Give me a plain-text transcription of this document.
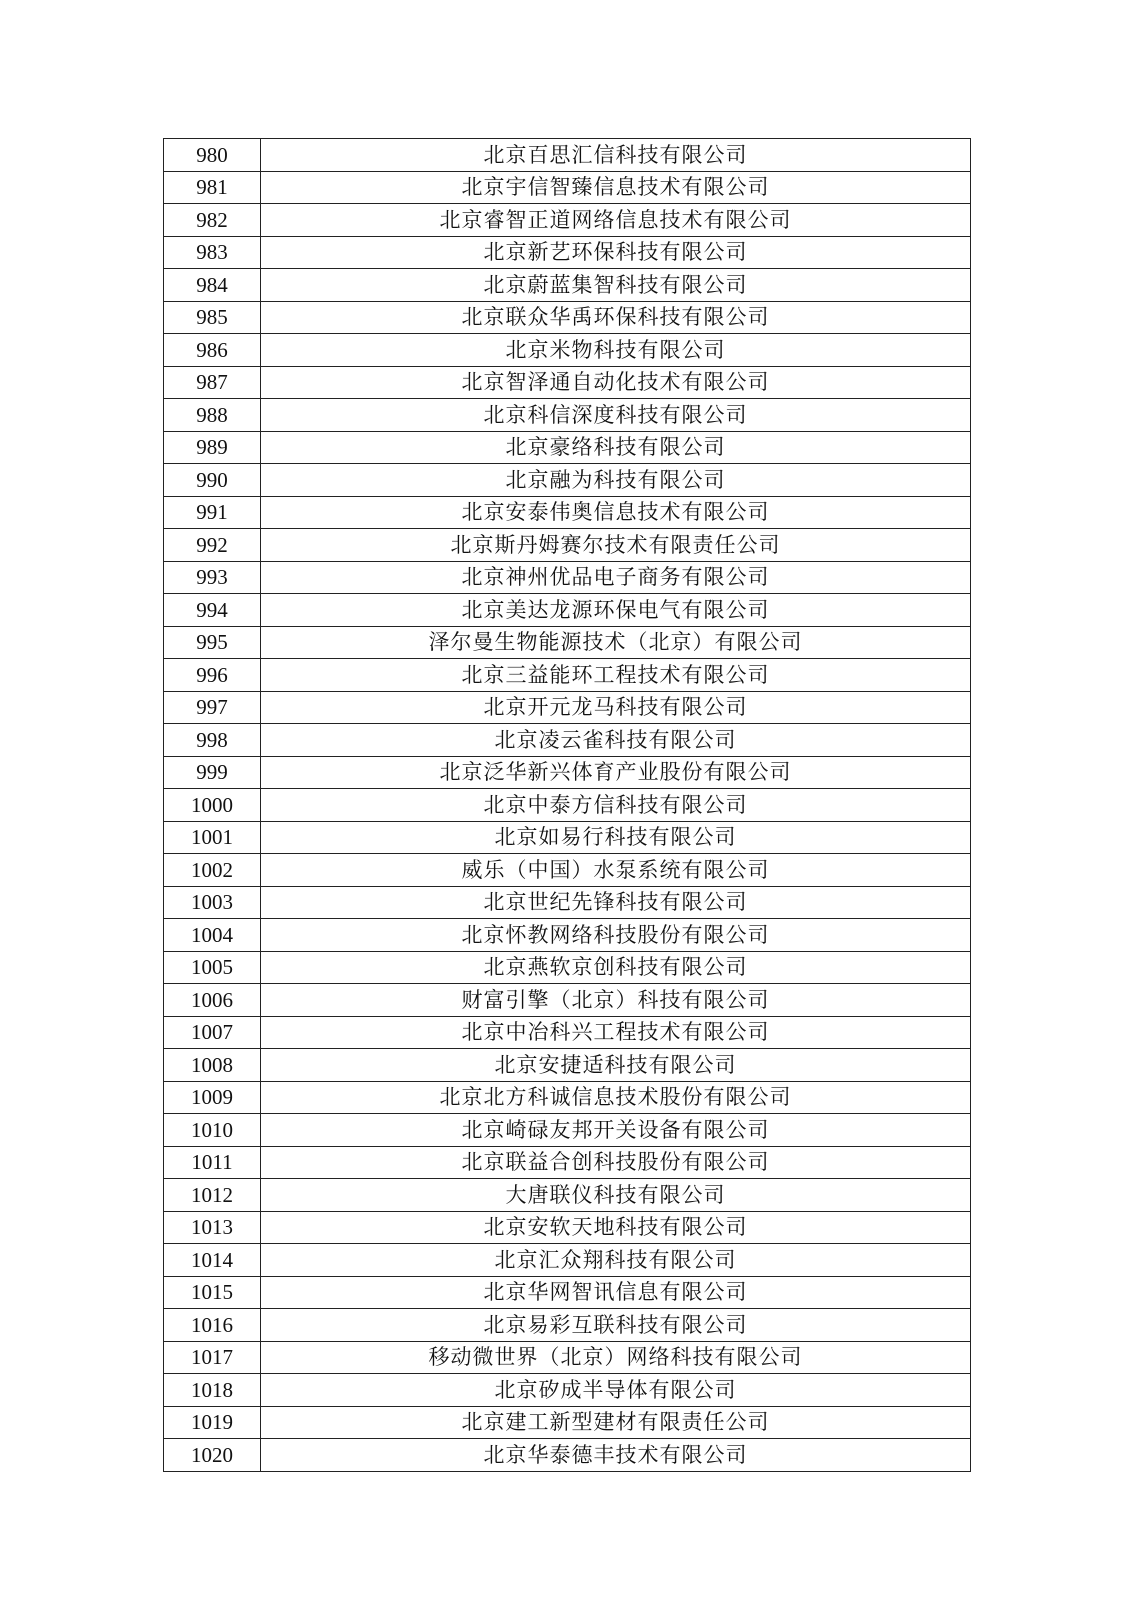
980	北京百思汇信科技有限公司
981	北京宇信智臻信息技术有限公司
982	北京睿智正道网络信息技术有限公司
983	北京新艺环保科技有限公司
984	北京蔚蓝集智科技有限公司
985	北京联众华禹环保科技有限公司
986	北京米物科技有限公司
987	北京智泽通自动化技术有限公司
988	北京科信深度科技有限公司
989	北京豪络科技有限公司
990	北京融为科技有限公司
991	北京安泰伟奥信息技术有限公司
992	北京斯丹姆赛尔技术有限责任公司
993	北京神州优品电子商务有限公司
994	北京美达龙源环保电气有限公司
995	泽尔曼生物能源技术（北京）有限公司
996	北京三益能环工程技术有限公司
997	北京开元龙马科技有限公司
998	北京凌云雀科技有限公司
999	北京泛华新兴体育产业股份有限公司
1000	北京中泰方信科技有限公司
1001	北京如易行科技有限公司
1002	威乐（中国）水泵系统有限公司
1003	北京世纪先锋科技有限公司
1004	北京怀教网络科技股份有限公司
1005	北京燕软京创科技有限公司
1006	财富引擎（北京）科技有限公司
1007	北京中冶科兴工程技术有限公司
1008	北京安捷适科技有限公司
1009	北京北方科诚信息技术股份有限公司
1010	北京崎碌友邦开关设备有限公司
1011	北京联益合创科技股份有限公司
1012	大唐联仪科技有限公司
1013	北京安软天地科技有限公司
1014	北京汇众翔科技有限公司
1015	北京华网智讯信息有限公司
1016	北京易彩互联科技有限公司
1017	移动微世界（北京）网络科技有限公司
1018	北京矽成半导体有限公司
1019	北京建工新型建材有限责任公司
1020	北京华泰德丰技术有限公司
